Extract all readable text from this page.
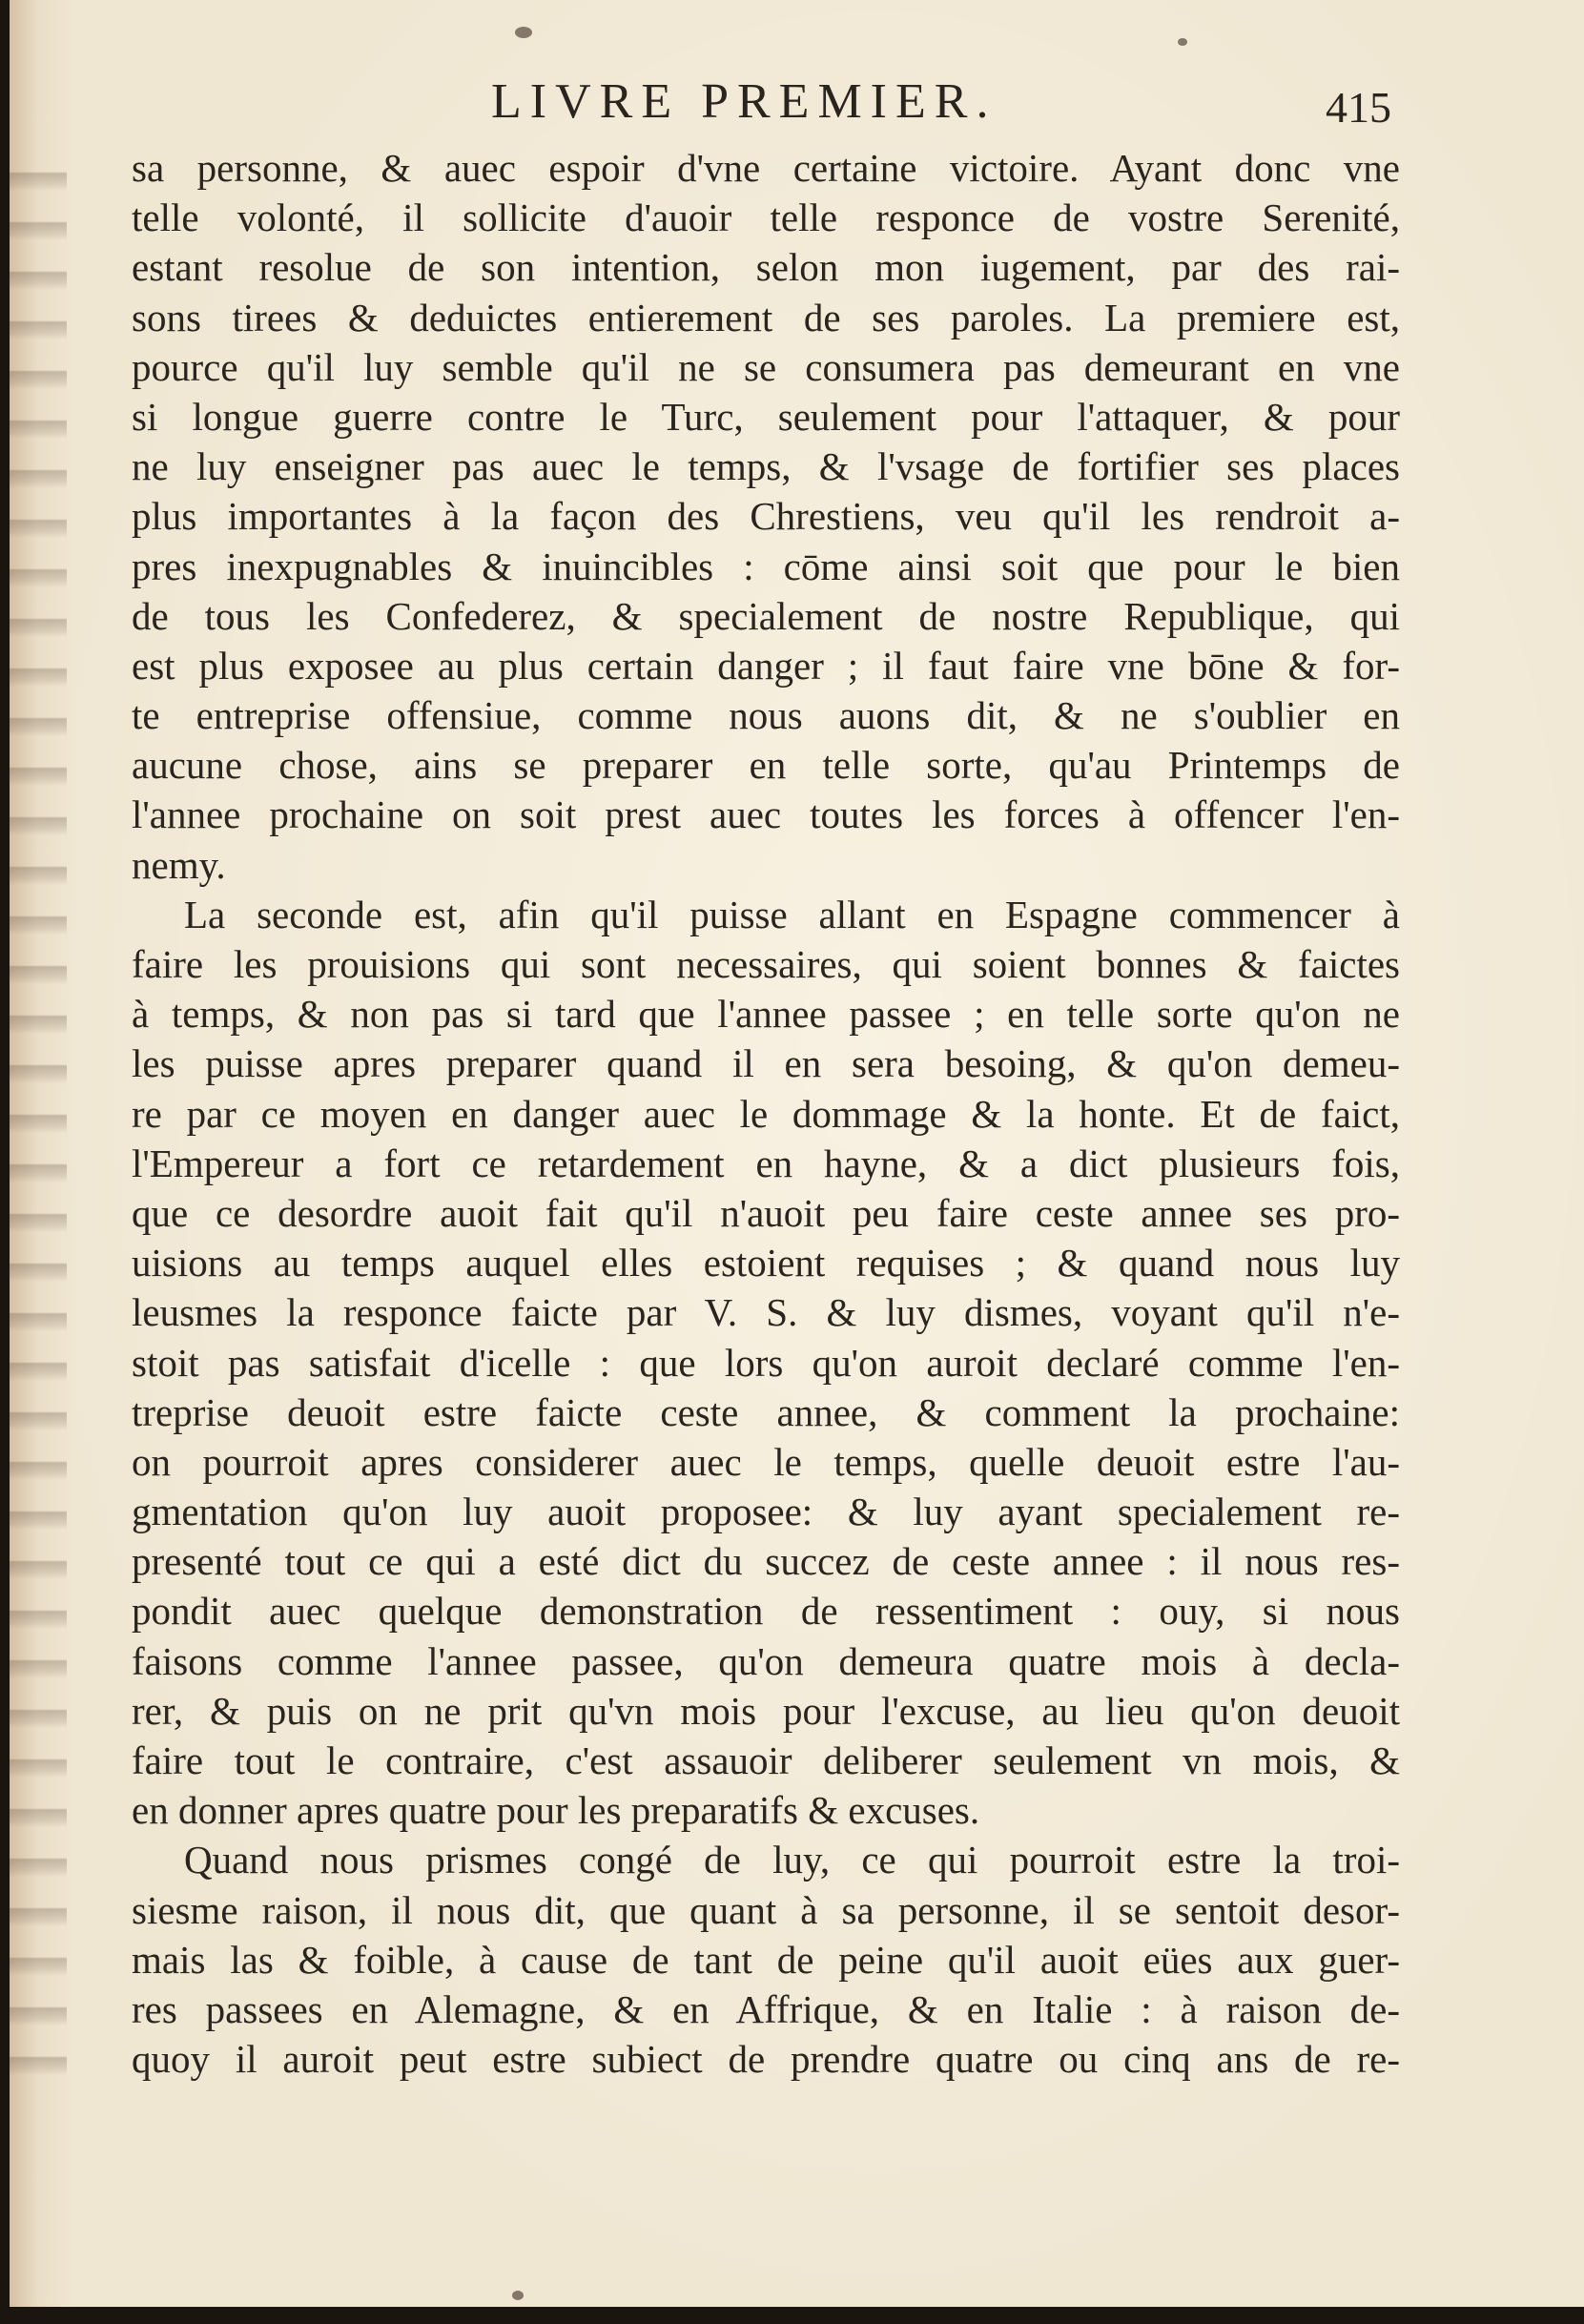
LIVRE PREMIER.	415
sa personne, & auec espoir d'vne certaine victoire. Ayant donc vne
telle volonté, il sollicite d'auoir telle responce de vostre Serenité,
estant resolue de son intention, selon mon iugement, par des rai-
sons tirees & deduictes entierement de ses paroles. La premiere est,
pource qu'il luy semble qu'il ne se consumera pas demeurant en vne
si longue guerre contre le Turc, seulement pour l'attaquer, & pour
ne luy enseigner pas auec le temps, & l'vsage de fortifier ses places
plus importantes à la façon des Chrestiens, veu qu'il les rendroit a-
pres inexpugnables & inuincibles : cōme ainsi soit que pour le bien
de tous les Confederez, & specialement de nostre Republique, qui
est plus exposee au plus certain danger ; il faut faire vne bōne & for-
te entreprise offensiue, comme nous auons dit, & ne s'oublier en
aucune chose, ains se preparer en telle sorte, qu'au Printemps de
l'annee prochaine on soit prest auec toutes les forces à offencer l'en-
nemy.
La seconde est, afin qu'il puisse allant en Espagne commencer à
faire les prouisions qui sont necessaires, qui soient bonnes & faictes
à temps, & non pas si tard que l'annee passee ; en telle sorte qu'on ne
les puisse apres preparer quand il en sera besoing, & qu'on demeu-
re par ce moyen en danger auec le dommage & la honte. Et de faict,
l'Empereur a fort ce retardement en hayne, & a dict plusieurs fois,
que ce desordre auoit fait qu'il n'auoit peu faire ceste annee ses pro-
uisions au temps auquel elles estoient requises ; & quand nous luy
leusmes la responce faicte par V. S. & luy dismes, voyant qu'il n'e-
stoit pas satisfait d'icelle : que lors qu'on auroit declaré comme l'en-
treprise deuoit estre faicte ceste annee, & comment la prochaine:
on pourroit apres considerer auec le temps, quelle deuoit estre l'au-
gmentation qu'on luy auoit proposee: & luy ayant specialement re-
presenté tout ce qui a esté dict du succez de ceste annee : il nous res-
pondit auec quelque demonstration de ressentiment : ouy, si nous
faisons comme l'annee passee, qu'on demeura quatre mois à decla-
rer, & puis on ne prit qu'vn mois pour l'excuse, au lieu qu'on deuoit
faire tout le contraire, c'est assauoir deliberer seulement vn mois, &
en donner apres quatre pour les preparatifs & excuses.
Quand nous prismes congé de luy, ce qui pourroit estre la troi-
siesme raison, il nous dit, que quant à sa personne, il se sentoit desor-
mais las & foible, à cause de tant de peine qu'il auoit eües aux guer-
res passees en Alemagne, & en Affrique, & en Italie : à raison de-
quoy il auroit peut estre subiect de prendre quatre ou cinq ans de re-
